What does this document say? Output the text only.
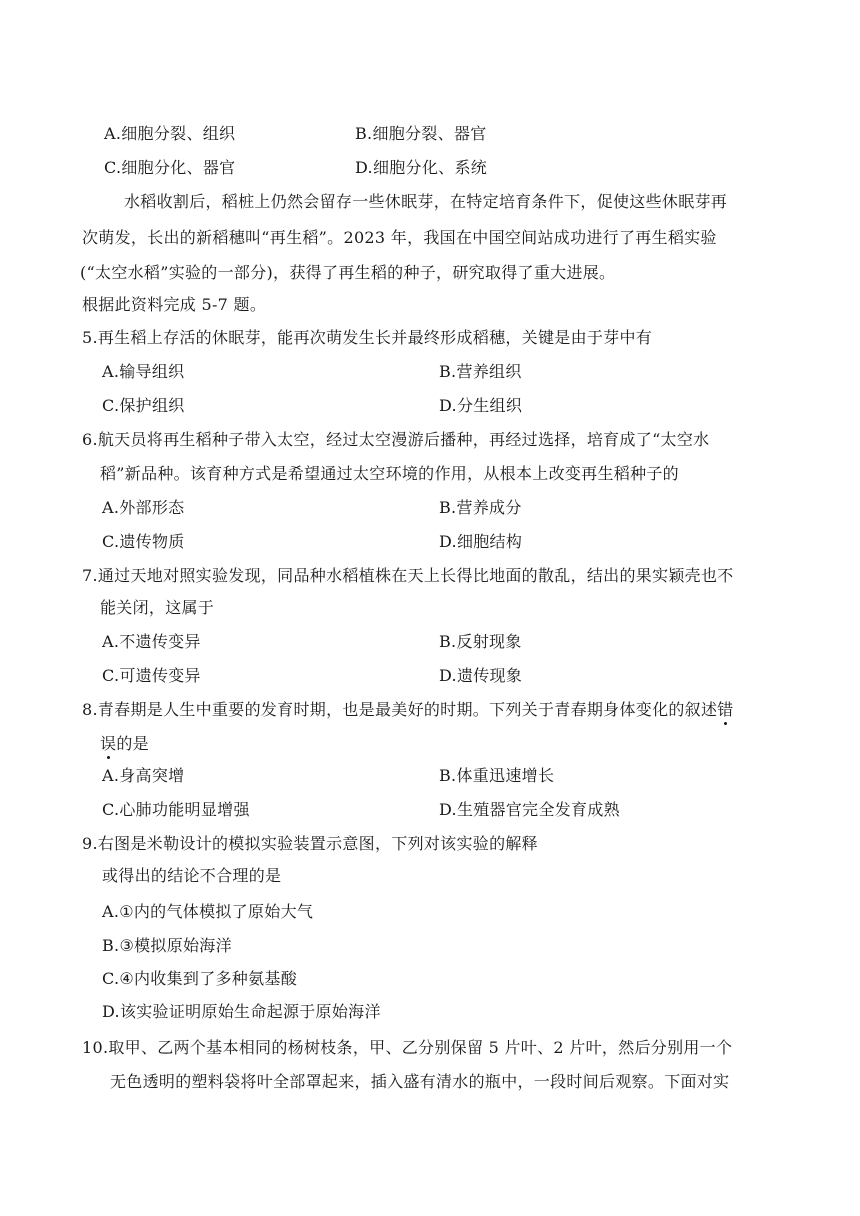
A.细胞分裂、组织	B.细胞分裂、器官
C.细胞分化、器官	D.细胞分化、系统
水稻收割后，稻桩上仍然会留存一些休眠芽，在特定培育条件下，促使这些休眠芽再
次萌发，长出的新稻穗叫“再生稻”。2023 年，我国在中国空间站成功进行了再生稻实验
(“太空水稻”实验的一部分)，获得了再生稻的种子，研究取得了重大进展。
根据此资料完成 5-7 题。
5.再生稻上存活的休眠芽，能再次萌发生长并最终形成稻穗，关键是由于芽中有
A.输导组织	B.营养组织
C.保护组织	D.分生组织
6.航天员将再生稻种子带入太空，经过太空漫游后播种，再经过选择，培育成了“太空水
稻”新品种。该育种方式是希望通过太空环境的作用，从根本上改变再生稻种子的
A.外部形态	B.营养成分
C.遗传物质	D.细胞结构
7.通过天地对照实验发现，同品种水稻植株在天上长得比地面的散乱，结出的果实颖壳也不
能关闭，这属于
A.不遗传变异	B.反射现象
C.可遗传变异	D.遗传现象
8.青春期是人生中重要的发育时期，也是最美好的时期。下列关于青春期身体变化的叙述错
误的是
A.身高突增	B.体重迅速增长
C.心肺功能明显增强	D.生殖器官完全发育成熟
9.右图是米勒设计的模拟实验装置示意图，下列对该实验的解释
或得出的结论不合理的是
A.①内的气体模拟了原始大气
B.③模拟原始海洋
C.④内收集到了多种氨基酸
D.该实验证明原始生命起源于原始海洋
10.取甲、乙两个基本相同的杨树枝条，甲、乙分别保留 5 片叶、2 片叶，然后分别用一个
无色透明的塑料袋将叶全部罩起来，插入盛有清水的瓶中，一段时间后观察。下面对实
